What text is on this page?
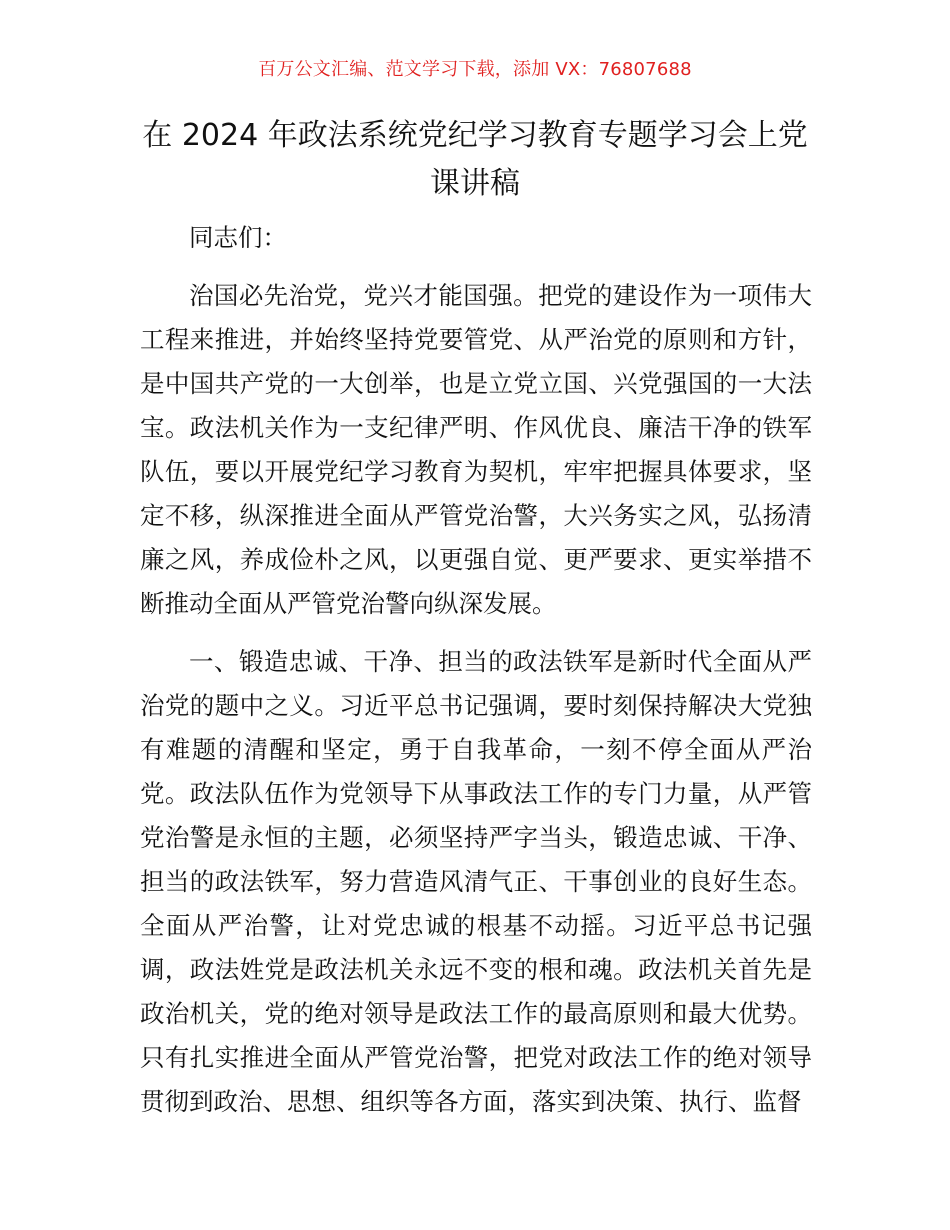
百万公文汇编、范文学习下载，添加 VX：76807688
在 2024 年政法系统党纪学习教育专题学习会上党课讲稿

同志们：

治国必先治党，党兴才能国强。把党的建设作为一项伟大工程来推进，并始终坚持党要管党、从严治党的原则和方针，是中国共产党的一大创举，也是立党立国、兴党强国的一大法宝。政法机关作为一支纪律严明、作风优良、廉洁干净的铁军队伍，要以开展党纪学习教育为契机，牢牢把握具体要求，坚定不移，纵深推进全面从严管党治警，大兴务实之风，弘扬清廉之风，养成俭朴之风，以更强自觉、更严要求、更实举措不断推动全面从严管党治警向纵深发展。

一、锻造忠诚、干净、担当的政法铁军是新时代全面从严治党的题中之义。习近平总书记强调，要时刻保持解决大党独有难题的清醒和坚定，勇于自我革命，一刻不停全面从严治党。政法队伍作为党领导下从事政法工作的专门力量，从严管党治警是永恒的主题，必须坚持严字当头，锻造忠诚、干净、担当的政法铁军，努力营造风清气正、干事创业的良好生态。全面从严治警，让对党忠诚的根基不动摇。习近平总书记强调，政法姓党是政法机关永远不变的根和魂。政法机关首先是政治机关，党的绝对领导是政法工作的最高原则和最大优势。只有扎实推进全面从严管党治警，把党对政法工作的绝对领导贯彻到政治、思想、组织等各方面，落实到决策、执行、监督
